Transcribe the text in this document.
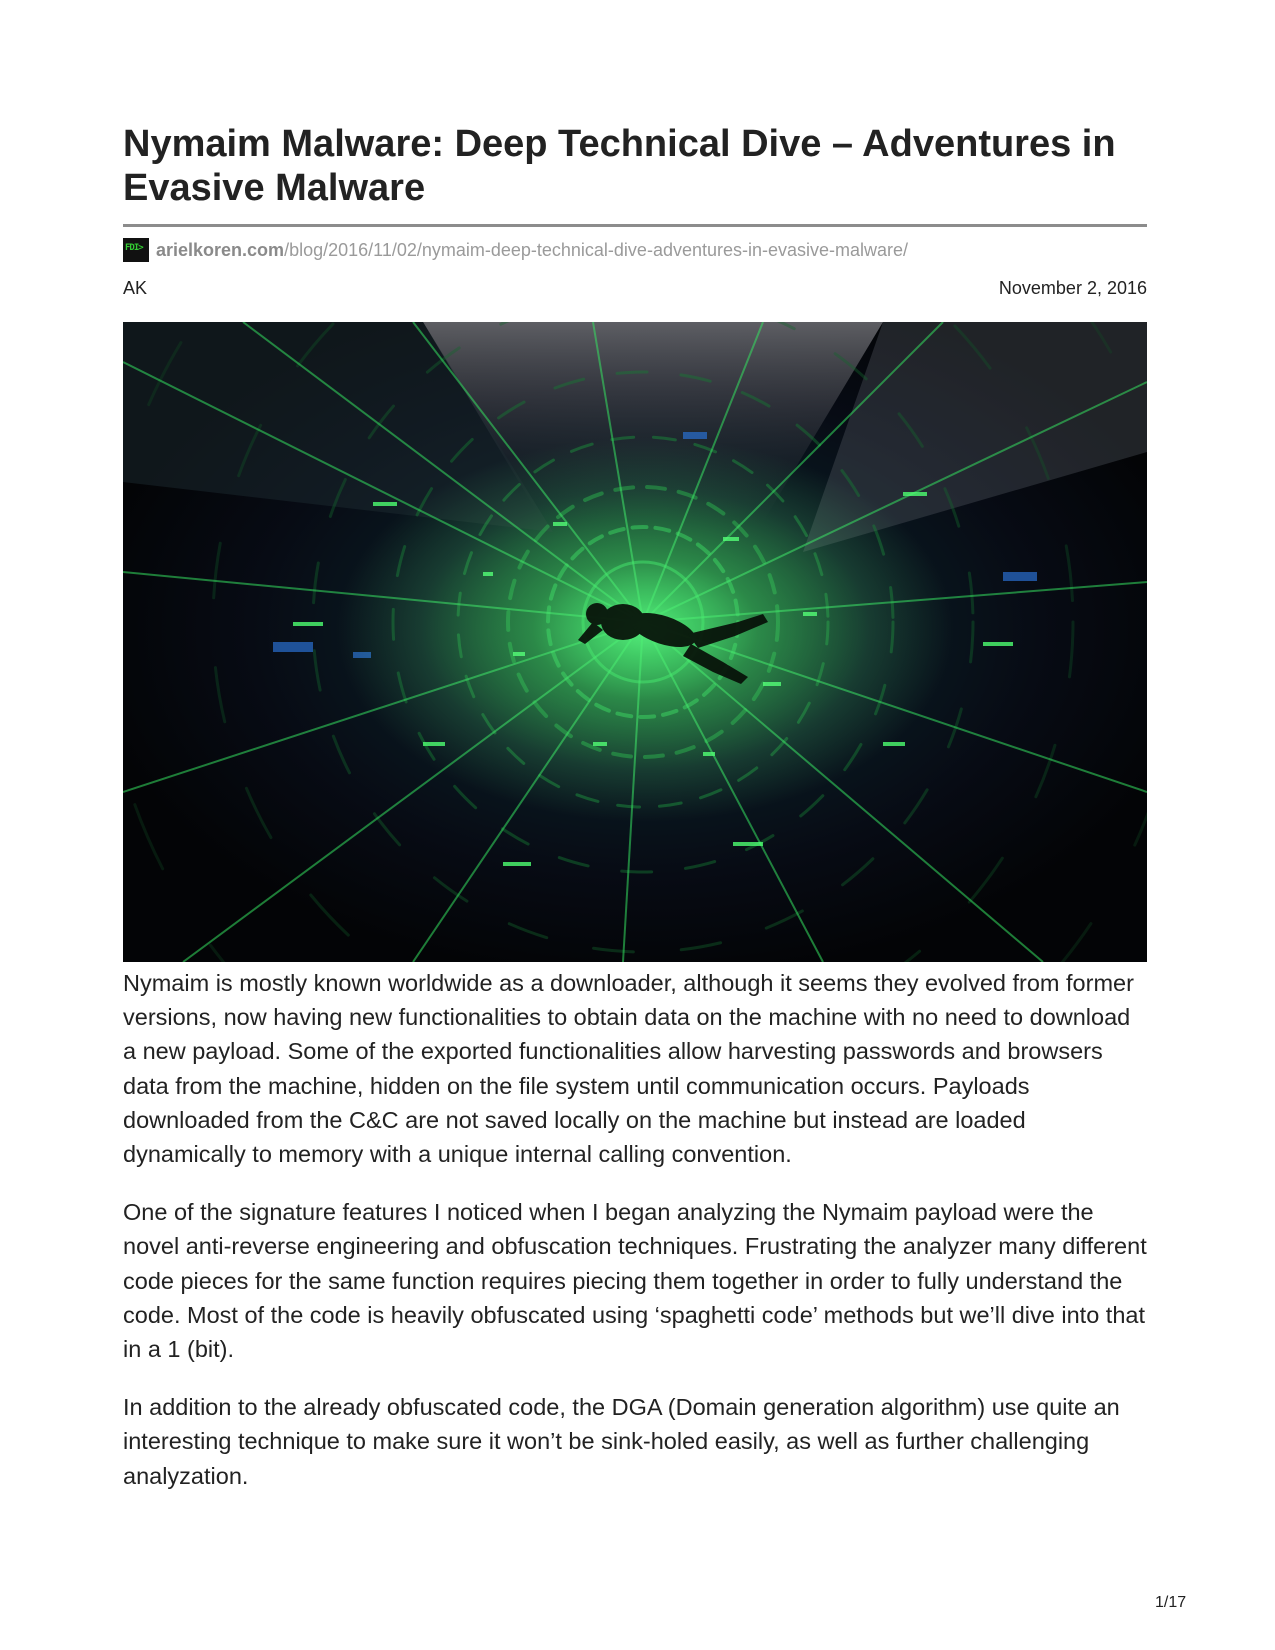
Nymaim Malware: Deep Technical Dive – Adventures in Evasive Malware
FDI> arielkoren.com /blog/2016/11/02/nymaim-deep-technical-dive-adventures-in-evasive-malware/
AK	November 2, 2016

Nymaim is mostly known worldwide as a downloader, although it seems they evolved from former versions, now having new functionalities to obtain data on the machine with no need to download a new payload. Some of the exported functionalities allow harvesting passwords and browsers data from the machine, hidden on the file system until communication occurs. Payloads downloaded from the C&C are not saved locally on the machine but instead are loaded dynamically to memory with a unique internal calling convention.

One of the signature features I noticed when I began analyzing the Nymaim payload were the novel anti-reverse engineering and obfuscation techniques. Frustrating the analyzer many different code pieces for the same function requires piecing them together in order to fully understand the code. Most of the code is heavily obfuscated using ‘spaghetti code’ methods but we’ll dive into that in a 1 (bit).

In addition to the already obfuscated code, the DGA (Domain generation algorithm) use quite an interesting technique to make sure it won’t be sink-holed easily, as well as further challenging analyzation.

1/17
